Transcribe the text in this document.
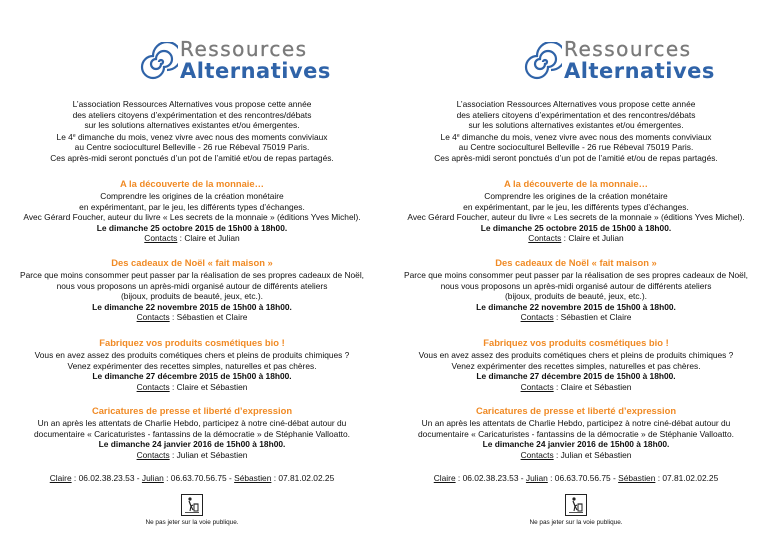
Ressources
Alternatives
L’association Ressources Alternatives vous propose cette année
des ateliers citoyens d’expérimentation et des rencontres/débats
sur les solutions alternatives existantes et/ou émergentes.
Le 4e dimanche du mois, venez vivre avec nous des moments conviviaux
au Centre socioculturel Belleville - 26 rue Rébeval 75019 Paris.
Ces après-midi seront ponctués d’un pot de l’amitié et/ou de repas partagés.
A la découverte de la monnaie…
Comprendre les origines de la création monétaire
en expérimentant, par le jeu, les différents types d’échanges.
Avec Gérard Foucher, auteur du livre « Les secrets de la monnaie » (éditions Yves Michel).
Le dimanche 25 octobre 2015 de 15h00 à 18h00.
Contacts : Claire et Julian
Des cadeaux de Noël « fait maison »
Parce que moins consommer peut passer par la réalisation de ses propres cadeaux de Noël,
nous vous proposons un après-midi organisé autour de différents ateliers
(bijoux, produits de beauté, jeux, etc.).
Le dimanche 22 novembre 2015 de 15h00 à 18h00.
Contacts : Sébastien et Claire
Fabriquez vos produits cosmétiques bio !
Vous en avez assez des produits cométiques chers et pleins de produits chimiques ?
Venez expérimenter des recettes simples, naturelles et pas chères.
Le dimanche 27 décembre 2015 de 15h00 à 18h00.
Contacts : Claire et Sébastien
Caricatures de presse et liberté d’expression
Un an après les attentats de Charlie Hebdo, participez à notre ciné-débat autour du
documentaire « Caricaturistes - fantassins de la démocratie » de Stéphanie Valloatto.
Le dimanche 24 janvier 2016 de 15h00 à 18h00.
Contacts : Julian et Sébastien
Claire : 06.02.38.23.53 - Julian : 06.63.70.56.75 - Sébastien : 07.81.02.02.25
Ne pas jeter sur la voie publique.
Ressources
Alternatives
L’association Ressources Alternatives vous propose cette année
des ateliers citoyens d’expérimentation et des rencontres/débats
sur les solutions alternatives existantes et/ou émergentes.
Le 4e dimanche du mois, venez vivre avec nous des moments conviviaux
au Centre socioculturel Belleville - 26 rue Rébeval 75019 Paris.
Ces après-midi seront ponctués d’un pot de l’amitié et/ou de repas partagés.
A la découverte de la monnaie…
Comprendre les origines de la création monétaire
en expérimentant, par le jeu, les différents types d’échanges.
Avec Gérard Foucher, auteur du livre « Les secrets de la monnaie » (éditions Yves Michel).
Le dimanche 25 octobre 2015 de 15h00 à 18h00.
Contacts : Claire et Julian
Des cadeaux de Noël « fait maison »
Parce que moins consommer peut passer par la réalisation de ses propres cadeaux de Noël,
nous vous proposons un après-midi organisé autour de différents ateliers
(bijoux, produits de beauté, jeux, etc.).
Le dimanche 22 novembre 2015 de 15h00 à 18h00.
Contacts : Sébastien et Claire
Fabriquez vos produits cosmétiques bio !
Vous en avez assez des produits cométiques chers et pleins de produits chimiques ?
Venez expérimenter des recettes simples, naturelles et pas chères.
Le dimanche 27 décembre 2015 de 15h00 à 18h00.
Contacts : Claire et Sébastien
Caricatures de presse et liberté d’expression
Un an après les attentats de Charlie Hebdo, participez à notre ciné-débat autour du
documentaire « Caricaturistes - fantassins de la démocratie » de Stéphanie Valloatto.
Le dimanche 24 janvier 2016 de 15h00 à 18h00.
Contacts : Julian et Sébastien
Claire : 06.02.38.23.53 - Julian : 06.63.70.56.75 - Sébastien : 07.81.02.02.25
Ne pas jeter sur la voie publique.
